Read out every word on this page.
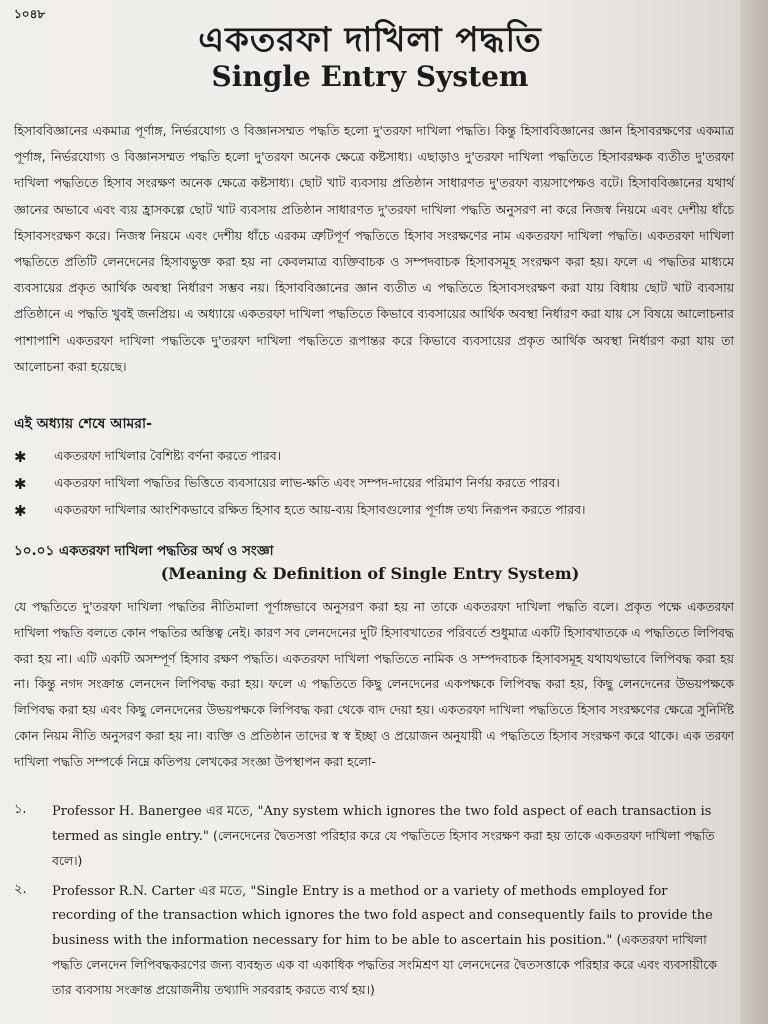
১০৪৮
একতরফা দাখিলা পদ্ধতি
Single Entry System
হিসাববিজ্ঞানের একমাত্র পূর্ণাঙ্গ, নির্ভরযোগ্য ও বিজ্ঞানসম্মত পদ্ধতি হলো দু'তরফা দাখিলা পদ্ধতি। কিন্তু হিসাববিজ্ঞানের জ্ঞান হিসাবরক্ষণের একমাত্র পূর্ণাঙ্গ, নির্ভরযোগ্য ও বিজ্ঞানসম্মত পদ্ধতি হলো দু'তরফা অনেক ক্ষেত্রে কষ্টসাধ্য। এছাড়াও দু'তরফা দাখিলা পদ্ধতিতে হিসাবরক্ষক ব্যতীত দু'তরফা দাখিলা পদ্ধতিতে হিসাব সংরক্ষণ অনেক ক্ষেত্রে কষ্টসাধ্য। ছোট খাট ব্যবসায় প্রতিষ্ঠান সাধারণত দু'তরফা ব্যয়সাপেক্ষও বটে। হিসাববিজ্ঞানের যথার্থ জ্ঞানের অভাবে এবং ব্যয় হ্রাসকল্পে ছোট খাট ব্যবসায় প্রতিষ্ঠান সাধারণত দু'তরফা দাখিলা পদ্ধতি অনুসরণ না করে নিজস্ব নিয়মে এবং দেশীয় ধাঁচে হিসাবসংরক্ষণ করে। নিজস্ব নিয়মে এবং দেশীয় ধাঁচে এরকম ত্রুটিপূর্ণ পদ্ধতিতে হিসাব সংরক্ষণের নাম একতরফা দাখিলা পদ্ধতি। একতরফা দাখিলা পদ্ধতিতে প্রতিটি লেনদেনের হিসাবভুক্ত করা হয় না কেবলমাত্র ব্যক্তিবাচক ও সম্পদবাচক হিসাবসমূহ সংরক্ষণ করা হয়। ফলে এ পদ্ধতির মাধ্যমে ব্যবসায়ের প্রকৃত আর্থিক অবস্থা নির্ধারণ সম্ভব নয়। হিসাববিজ্ঞানের জ্ঞান ব্যতীত এ পদ্ধতিতে হিসাবসংরক্ষণ করা যায় বিধায় ছোট খাট ব্যবসায় প্রতিষ্ঠানে এ পদ্ধতি খুবই জনপ্রিয়। এ অধ্যায়ে একতরফা দাখিলা পদ্ধতিতে কিভাবে ব্যবসায়ের আর্থিক অবস্থা নির্ধারণ করা যায় সে বিষয়ে আলোচনার পাশাপাশি একতরফা দাখিলা পদ্ধতিকে দু'তরফা দাখিলা পদ্ধতিতে রূপান্তর করে কিভাবে ব্যবসায়ের প্রকৃত আর্থিক অবস্থা নির্ধারণ করা যায় তা আলোচনা করা হয়েছে।
এই অধ্যায় শেষে আমরা-
✱	একতরফা দাখিলার বৈশিষ্ট্য বর্ণনা করতে পারব।
✱	একতরফা দাখিলা পদ্ধতির ভিত্তিতে ব্যবসায়ের লাভ-ক্ষতি এবং সম্পদ-দায়ের পরিমাণ নির্ণয় করতে পারব।
✱	একতরফা দাখিলার আংশিকভাবে রক্ষিত হিসাব হতে আয়-ব্যয় হিসাবগুলোর পূর্ণাঙ্গ তথ্য নিরূপন করতে পারব।
১০.০১ একতরফা দাখিলা পদ্ধতির অর্থ ও সংজ্ঞা
(Meaning & Definition of Single Entry System)
যে পদ্ধতিতে দু'তরফা দাখিলা পদ্ধতির নীতিমালা পূর্ণাঙ্গভাবে অনুসরণ করা হয় না তাকে একতরফা দাখিলা পদ্ধতি বলে। প্রকৃত পক্ষে একতরফা দাখিলা পদ্ধতি বলতে কোন পদ্ধতির অস্তিত্ব নেই। কারণ সব লেনদেনের দুটি হিসাবখাতের পরিবর্তে শুধুমাত্র একটি হিসাবখাতকে এ পদ্ধতিতে লিপিবদ্ধ করা হয় না। এটি একটি অসম্পূর্ণ হিসাব রক্ষণ পদ্ধতি। একতরফা দাখিলা পদ্ধতিতে নামিক ও সম্পদবাচক হিসাবসমূহ যথাযথভাবে লিপিবদ্ধ করা হয় না। কিন্তু নগদ সংক্রান্ত লেনদেন লিপিবদ্ধ করা হয়। ফলে এ পদ্ধতিতে কিছু লেনদেনের একপক্ষকে লিপিবদ্ধ করা হয়, কিছু লেনদেনের উভয়পক্ষকে লিপিবদ্ধ করা হয় এবং কিছু লেনদেনের উভয়পক্ষকে লিপিবদ্ধ করা থেকে বাদ দেয়া হয়। একতরফা দাখিলা পদ্ধতিতে হিসাব সংরক্ষণের ক্ষেত্রে সুনির্দিষ্ট কোন নিয়ম নীতি অনুসরণ করা হয় না। ব্যক্তি ও প্রতিষ্ঠান তাদের স্ব স্ব ইচ্ছা ও প্রয়োজন অনুযায়ী এ পদ্ধতিতে হিসাব সংরক্ষণ করে থাকে। এক তরফা দাখিলা পদ্ধতি সম্পর্কে নিম্নে কতিপয় লেখকের সংজ্ঞা উপস্থাপন করা হলো-
১.	Professor H. Banergee এর মতে, "Any system which ignores the two fold aspect of each transaction is termed as single entry." (লেনদেনের দ্বৈতসত্তা পরিহার করে যে পদ্ধতিতে হিসাব সংরক্ষণ করা হয় তাকে একতরফা দাখিলা পদ্ধতি বলে।)
২.	Professor R.N. Carter এর মতে, "Single Entry is a method or a variety of methods employed for recording of the transaction which ignores the two fold aspect and consequently fails to provide the business with the information necessary for him to be able to ascertain his position." (একতরফা দাখিলা পদ্ধতি লেনদেন লিপিবদ্ধকরণের জন্য ব্যবহৃত এক বা একাধিক পদ্ধতির সংমিশ্রণ যা লেনদেনের দ্বৈতসত্তাকে পরিহার করে এবং ব্যবসায়ীকে তার ব্যবসায় সংক্রান্ত প্রয়োজনীয় তথ্যাদি সরবরাহ করতে ব্যর্থ হয়।)
